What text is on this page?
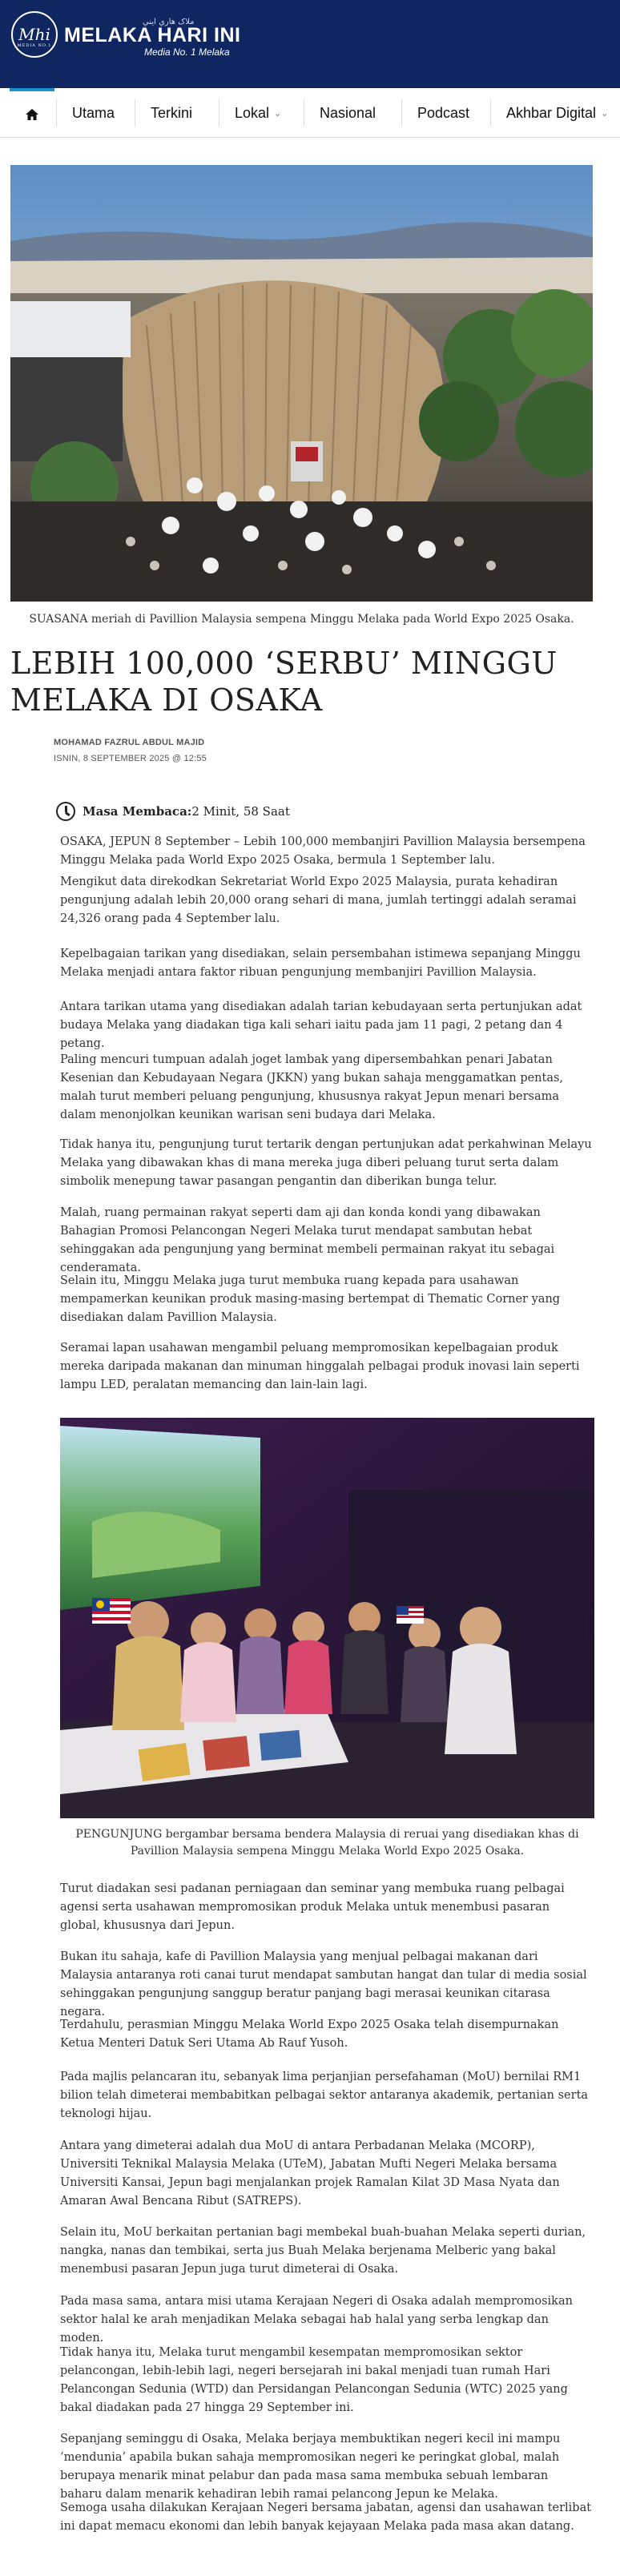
Mhi
MEDIA NO.1
ملاک هاري ايني
MELAKA HARI INI
Media No. 1 Melaka
Utama Terkini	Lokal ⌄	Nasional	Podcast	Akhbar Digital ⌄
SUASANA meriah di Pavillion Malaysia sempena Minggu Melaka pada World Expo 2025 Osaka.
LEBIH 100,000 ‘SERBU’ MINGGU MELAKA DI OSAKA
MOHAMAD FAZRUL ABDUL MAJID
ISNIN, 8 SEPTEMBER 2025 @ 12:55
Masa Membaca: 2 Minit, 58 Saat
OSAKA, JEPUN 8 September – Lebih 100,000 membanjiri Pavillion Malaysia bersempena Minggu Melaka pada World Expo 2025 Osaka, bermula 1 September lalu.
Mengikut data direkodkan Sekretariat World Expo 2025 Malaysia, purata kehadiran pengunjung adalah lebih 20,000 orang sehari di mana, jumlah tertinggi adalah seramai 24,326 orang pada 4 September lalu.
Kepelbagaian tarikan yang disediakan, selain persembahan istimewa sepanjang Minggu Melaka menjadi antara faktor ribuan pengunjung membanjiri Pavillion Malaysia.
Antara tarikan utama yang disediakan adalah tarian kebudayaan serta pertunjukan adat budaya Melaka yang diadakan tiga kali sehari iaitu pada jam 11 pagi, 2 petang dan 4 petang.
Paling mencuri tumpuan adalah joget lambak yang dipersembahkan penari Jabatan Kesenian dan Kebudayaan Negara (JKKN) yang bukan sahaja menggamatkan pentas, malah turut memberi peluang pengunjung, khususnya rakyat Jepun menari bersama dalam menonjolkan keunikan warisan seni budaya dari Melaka.
Tidak hanya itu, pengunjung turut tertarik dengan pertunjukan adat perkahwinan Melayu Melaka yang dibawakan khas di mana mereka juga diberi peluang turut serta dalam simbolik menepung tawar pasangan pengantin dan diberikan bunga telur.
Malah, ruang permainan rakyat seperti dam aji dan konda kondi yang dibawakan Bahagian Promosi Pelancongan Negeri Melaka turut mendapat sambutan hebat sehinggakan ada pengunjung yang berminat membeli permainan rakyat itu sebagai cenderamata.
Selain itu, Minggu Melaka juga turut membuka ruang kepada para usahawan mempamerkan keunikan produk masing-masing bertempat di Thematic Corner yang disediakan dalam Pavillion Malaysia.
Seramai lapan usahawan mengambil peluang mempromosikan kepelbagaian produk mereka daripada makanan dan minuman hinggalah pelbagai produk inovasi lain seperti lampu LED, peralatan memancing dan lain-lain lagi.
PENGUNJUNG bergambar bersama bendera Malaysia di reruai yang disediakan khas di Pavillion Malaysia sempena Minggu Melaka World Expo 2025 Osaka.
Turut diadakan sesi padanan perniagaan dan seminar yang membuka ruang pelbagai agensi serta usahawan mempromosikan produk Melaka untuk menembusi pasaran global, khususnya dari Jepun.
Bukan itu sahaja, kafe di Pavillion Malaysia yang menjual pelbagai makanan dari Malaysia antaranya roti canai turut mendapat sambutan hangat dan tular di media sosial sehinggakan pengunjung sanggup beratur panjang bagi merasai keunikan citarasa negara.
Terdahulu, perasmian Minggu Melaka World Expo 2025 Osaka telah disempurnakan Ketua Menteri Datuk Seri Utama Ab Rauf Yusoh.
Pada majlis pelancaran itu, sebanyak lima perjanjian persefahaman (MoU) bernilai RM1 bilion telah dimeterai membabitkan pelbagai sektor antaranya akademik, pertanian serta teknologi hijau.
Antara yang dimeterai adalah dua MoU di antara Perbadanan Melaka (MCORP), Universiti Teknikal Malaysia Melaka (UTeM), Jabatan Mufti Negeri Melaka bersama Universiti Kansai, Jepun bagi menjalankan projek Ramalan Kilat 3D Masa Nyata dan Amaran Awal Bencana Ribut (SATREPS).
Selain itu, MoU berkaitan pertanian bagi membekal buah-buahan Melaka seperti durian, nangka, nanas dan tembikai, serta jus Buah Melaka berjenama Melberic yang bakal menembusi pasaran Jepun juga turut dimeterai di Osaka.
Pada masa sama, antara misi utama Kerajaan Negeri di Osaka adalah mempromosikan sektor halal ke arah menjadikan Melaka sebagai hab halal yang serba lengkap dan moden.
Tidak hanya itu, Melaka turut mengambil kesempatan mempromosikan sektor pelancongan, lebih-lebih lagi, negeri bersejarah ini bakal menjadi tuan rumah Hari Pelancongan Sedunia (WTD) dan Persidangan Pelancongan Sedunia (WTC) 2025 yang bakal diadakan pada 27 hingga 29 September ini.
Sepanjang seminggu di Osaka, Melaka berjaya membuktikan negeri kecil ini mampu ‘menduniа’ apabila bukan sahaja mempromosikan negeri ke peringkat global, malah berupaya menarik minat pelabur dan pada masa sama membuka sebuah lembaran baharu dalam menarik kehadiran lebih ramai pelancong Jepun ke Melaka.
Semoga usaha dilakukan Kerajaan Negeri bersama jabatan, agensi dan usahawan terlibat ini dapat memacu ekonomi dan lebih banyak kejayaan Melaka pada masa akan datang.
